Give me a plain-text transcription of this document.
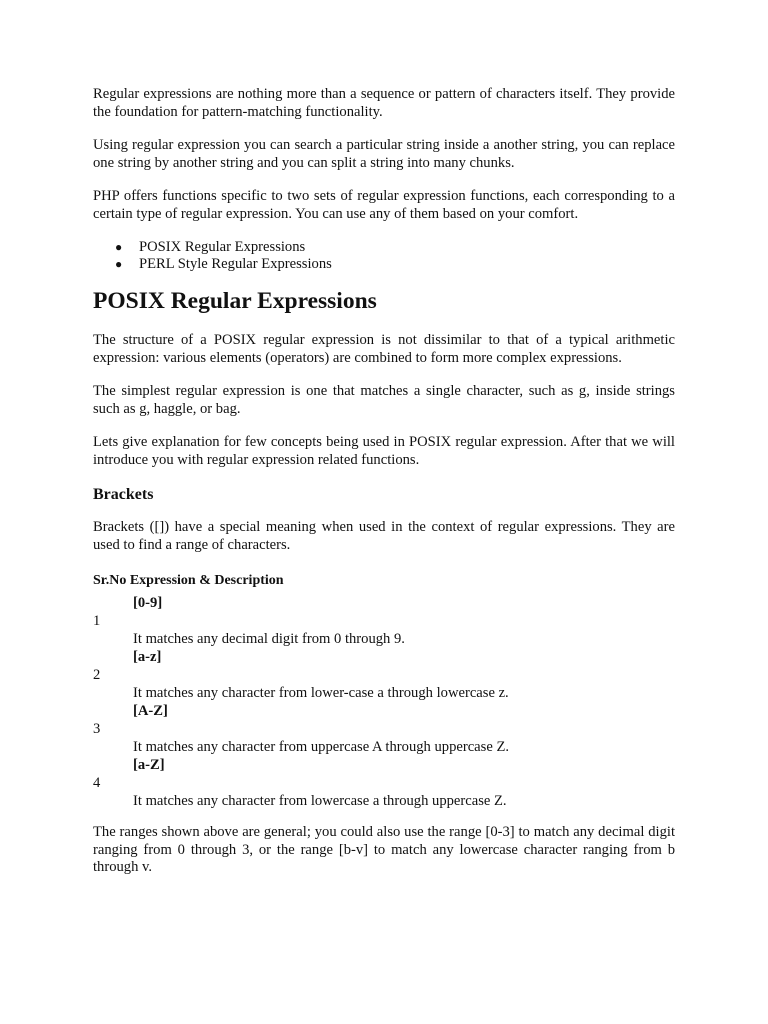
Regular expressions are nothing more than a sequence or pattern of characters itself. They provide the foundation for pattern-matching functionality.

Using regular expression you can search a particular string inside a another string, you can replace one string by another string and you can split a string into many chunks.

PHP offers functions specific to two sets of regular expression functions, each corresponding to a certain type of regular expression. You can use any of them based on your comfort.

● POSIX Regular Expressions
● PERL Style Regular Expressions
POSIX Regular Expressions

The structure of a POSIX regular expression is not dissimilar to that of a typical arithmetic expression: various elements (operators) are combined to form more complex expressions.

The simplest regular expression is one that matches a single character, such as g, inside strings such as g, haggle, or bag.

Lets give explanation for few concepts being used in POSIX regular expression. After that we will introduce you with regular expression related functions.

Brackets

Brackets ([]) have a special meaning when used in the context of regular expressions. They are used to find a range of characters.

Sr.No Expression & Description
[0-9]
1
It matches any decimal digit from 0 through 9.
[a-z]
2
It matches any character from lower-case a through lowercase z.
[A-Z]
3
It matches any character from uppercase A through uppercase Z.
[a-Z]
4
It matches any character from lowercase a through uppercase Z.

The ranges shown above are general; you could also use the range [0-3] to match any decimal digit ranging from 0 through 3, or the range [b-v] to match any lowercase character ranging from b through v.
